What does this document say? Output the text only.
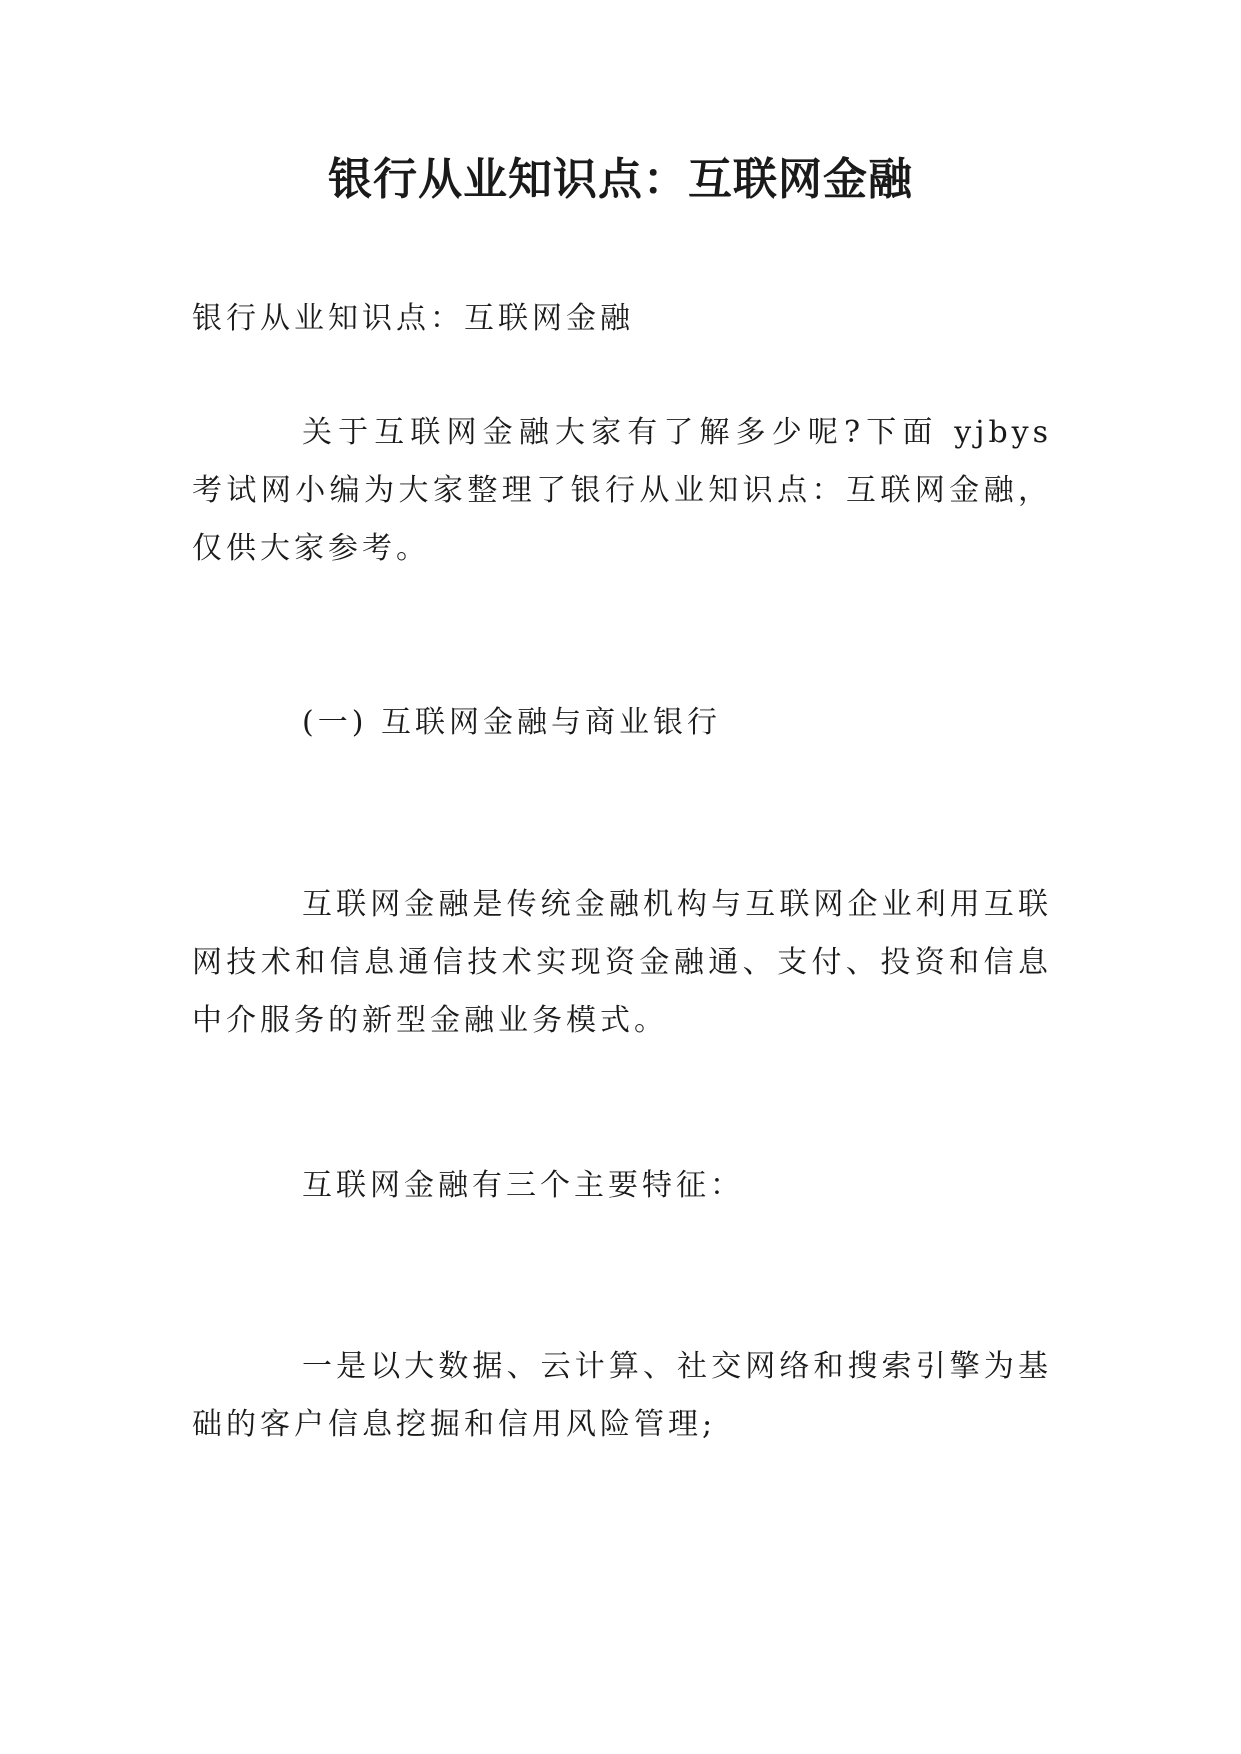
银行从业知识点：互联网金融

银行从业知识点：互联网金融

关于互联网金融大家有了解多少呢?下面 yjbys 考试网小编为大家整理了银行从业知识点：互联网金融，仅供大家参考。

(一) 互联网金融与商业银行

互联网金融是传统金融机构与互联网企业利用互联网技术和信息通信技术实现资金融通、支付、投资和信息中介服务的新型金融业务模式。

互联网金融有三个主要特征：

一是以大数据、云计算、社交网络和搜索引擎为基础的客户信息挖掘和信用风险管理;
